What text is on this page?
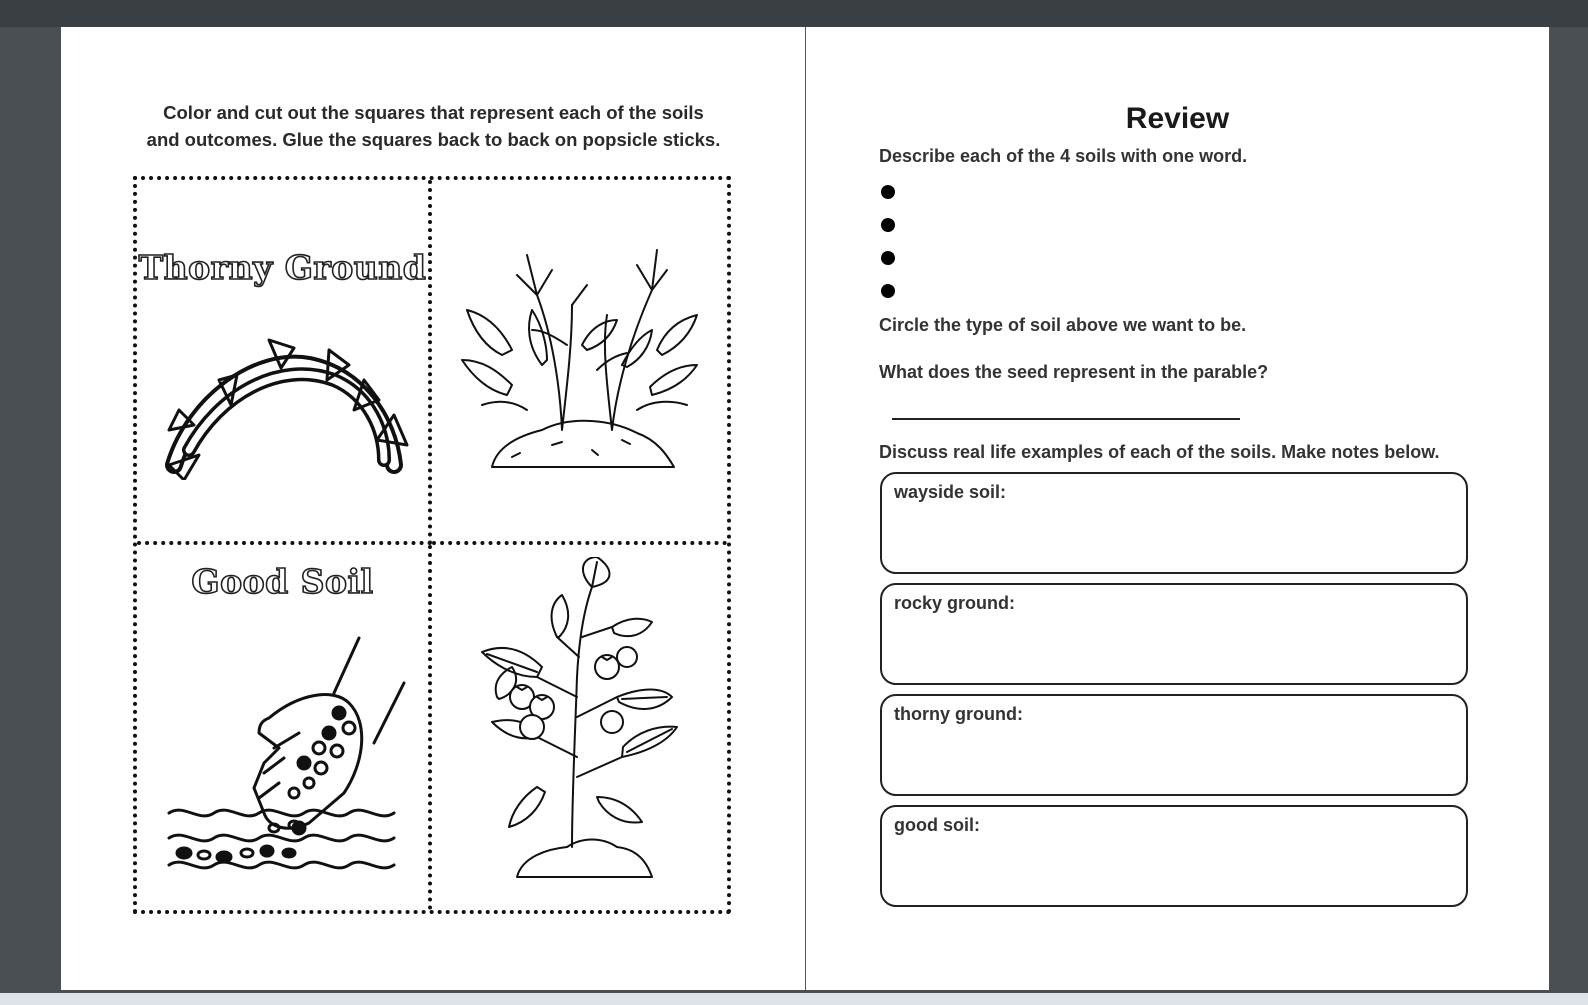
Color and cut out the squares that represent each of the soils
and outcomes. Glue the squares back to back on popsicle sticks.
Thorny Ground
Good Soil
Review
Describe each of the 4 soils with one word.
Circle the type of soil above we want to be.
What does the seed represent in the parable?
Discuss real life examples of each of the soils. Make notes below.
wayside soil:
rocky ground:
thorny ground:
good soil:
